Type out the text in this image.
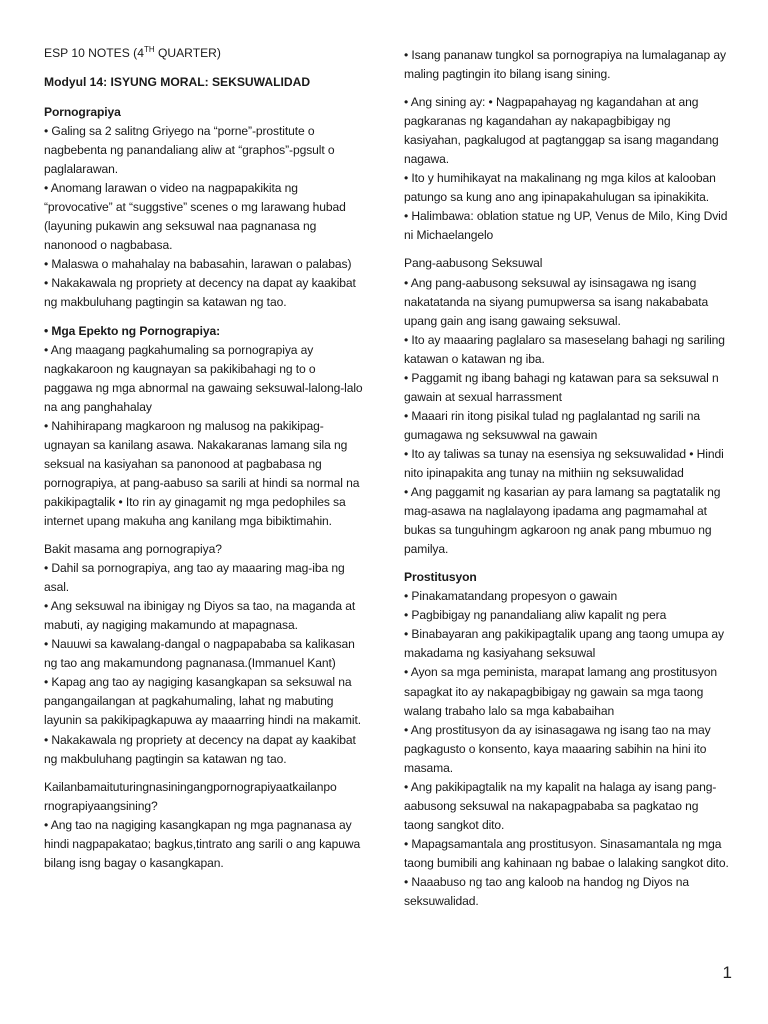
ESP 10 NOTES (4TH QUARTER)
Modyul 14: ISYUNG MORAL: SEKSUWALIDAD
Pornograpiya
• Galing sa 2 salitng Griyego na “porne”-prostitute o nagbebenta ng panandaliang aliw at “graphos”-pgsult o paglalarawan.
• Anomang larawan o video na nagpapakikita ng “provocative” at “suggstive” scenes o mg larawang hubad (layuning pukawin ang seksuwal naa pagnanasa ng nanonood o nagbabasa.
• Malaswa o mahahalay na babasahin, larawan o palabas)
• Nakakawala ng propriety at decency na dapat ay kaakibat ng makbuluhang pagtingin sa katawan ng tao.
• Mga Epekto ng Pornograpiya:
• Ang maagang pagkahumaling sa pornograpiya ay nagkakaroon ng kaugnayan sa pakikibahagi ng to o paggawa ng mga abnormal na gawaing seksuwal-lalong-lalo na ang panghahalay
• Nahihirapang magkaroon ng malusog na pakikipag-ugnayan sa kanilang asawa. Nakakaranas lamang sila ng seksual na kasiyahan sa panonood at pagbabasa ng pornograpiya, at pang-aabuso sa sarili at hindi sa normal na pakikipagtalik • Ito rin ay ginagamit ng mga pedophiles sa internet upang makuha ang kanilang mga bibiktimahin.
Bakit masama ang pornograpiya?
• Dahil sa pornograpiya, ang tao ay maaaring mag-iba ng asal.
• Ang seksuwal na ibinigay ng Diyos sa tao, na maganda at mabuti, ay nagiging makamundo at mapagnasa.
• Nauuwi sa kawalang-dangal o nagpapababa sa kalikasan ng tao ang makamundong pagnanasa.(Immanuel Kant)
• Kapag ang tao ay nagiging kasangkapan sa seksuwal na pangangailangan at pagkahumaling, lahat ng mabuting layunin sa pakikipagkapuwa ay maaarring hindi na makamit.
• Nakakawala ng propriety at decency na dapat ay kaakibat ng makbuluhang pagtingin sa katawan ng tao.
Kailanbamaituturingnasiningangpornograpiyaatkailanpo
rnograpiyaangsining?
• Ang tao na nagiging kasangkapan ng mga pagnanasa ay hindi nagpapakatao; bagkus,tintrato ang sarili o ang kapuwa bilang isng bagay o kasangkapan.
• Isang pananaw tungkol sa pornograpiya na lumalaganap ay maling pagtingin ito bilang isang sining.
• Ang sining ay: • Nagpapahayag ng kagandahan at ang pagkaranas ng kagandahan ay nakapagbibigay ng kasiyahan, pagkalugod at pagtanggap sa isang magandang nagawa.
• Ito y humihikayat na makalinang ng mga kilos at kalooban patungo sa kung ano ang ipinapakahulugan sa ipinakikita.
• Halimbawa: oblation statue ng UP, Venus de Milo, King Dvid ni Michaelangelo
Pang-aabusong Seksuwal
• Ang pang-aabusong seksuwal ay isinsagawa ng isang nakatatanda na siyang pumupwersa sa isang nakababata upang gain ang isang gawaing seksuwal.
• Ito ay maaaring paglalaro sa maseselang bahagi ng sariling katawan o katawan ng iba.
• Paggamit ng ibang bahagi ng katawan para sa seksuwal n gawain at sexual harrassment
• Maaari rin itong pisikal tulad ng paglalantad ng sarili na gumagawa ng seksuwwal na gawain
• Ito ay taliwas sa tunay na esensiya ng seksuwalidad • Hindi nito ipinapakita ang tunay na mithiin ng seksuwalidad
• Ang paggamit ng kasarian ay para lamang sa pagtatalik ng mag-asawa na naglalayong ipadama ang pagmamahal at bukas sa tunguhingm agkaroon ng anak pang mbumuo ng pamilya.
Prostitusyon
• Pinakamatandang propesyon o gawain
• Pagbibigay ng panandaliang aliw kapalit ng pera
• Binabayaran ang pakikipagtalik upang ang taong umupa ay makadama ng kasiyahang seksuwal
• Ayon sa mga peminista, marapat lamang ang prostitusyon sapagkat ito ay nakapagbibigay ng gawain sa mga taong walang trabaho lalo sa mga kababaihan
• Ang prostitusyon da ay isinasagawa ng isang tao na may pagkagusto o konsento, kaya maaaring sabihin na hini ito masama.
• Ang pakikipagtalik na my kapalit na halaga ay isang pang-aabusong seksuwal na nakapagpababa sa pagkatao ng taong sangkot dito.
• Mapagsamantala ang prostitusyon. Sinasamantala ng mga taong bumibili ang kahinaan ng babae o lalaking sangkot dito.
• Naaabuso ng tao ang kaloob na handog ng Diyos na seksuwalidad.
1
